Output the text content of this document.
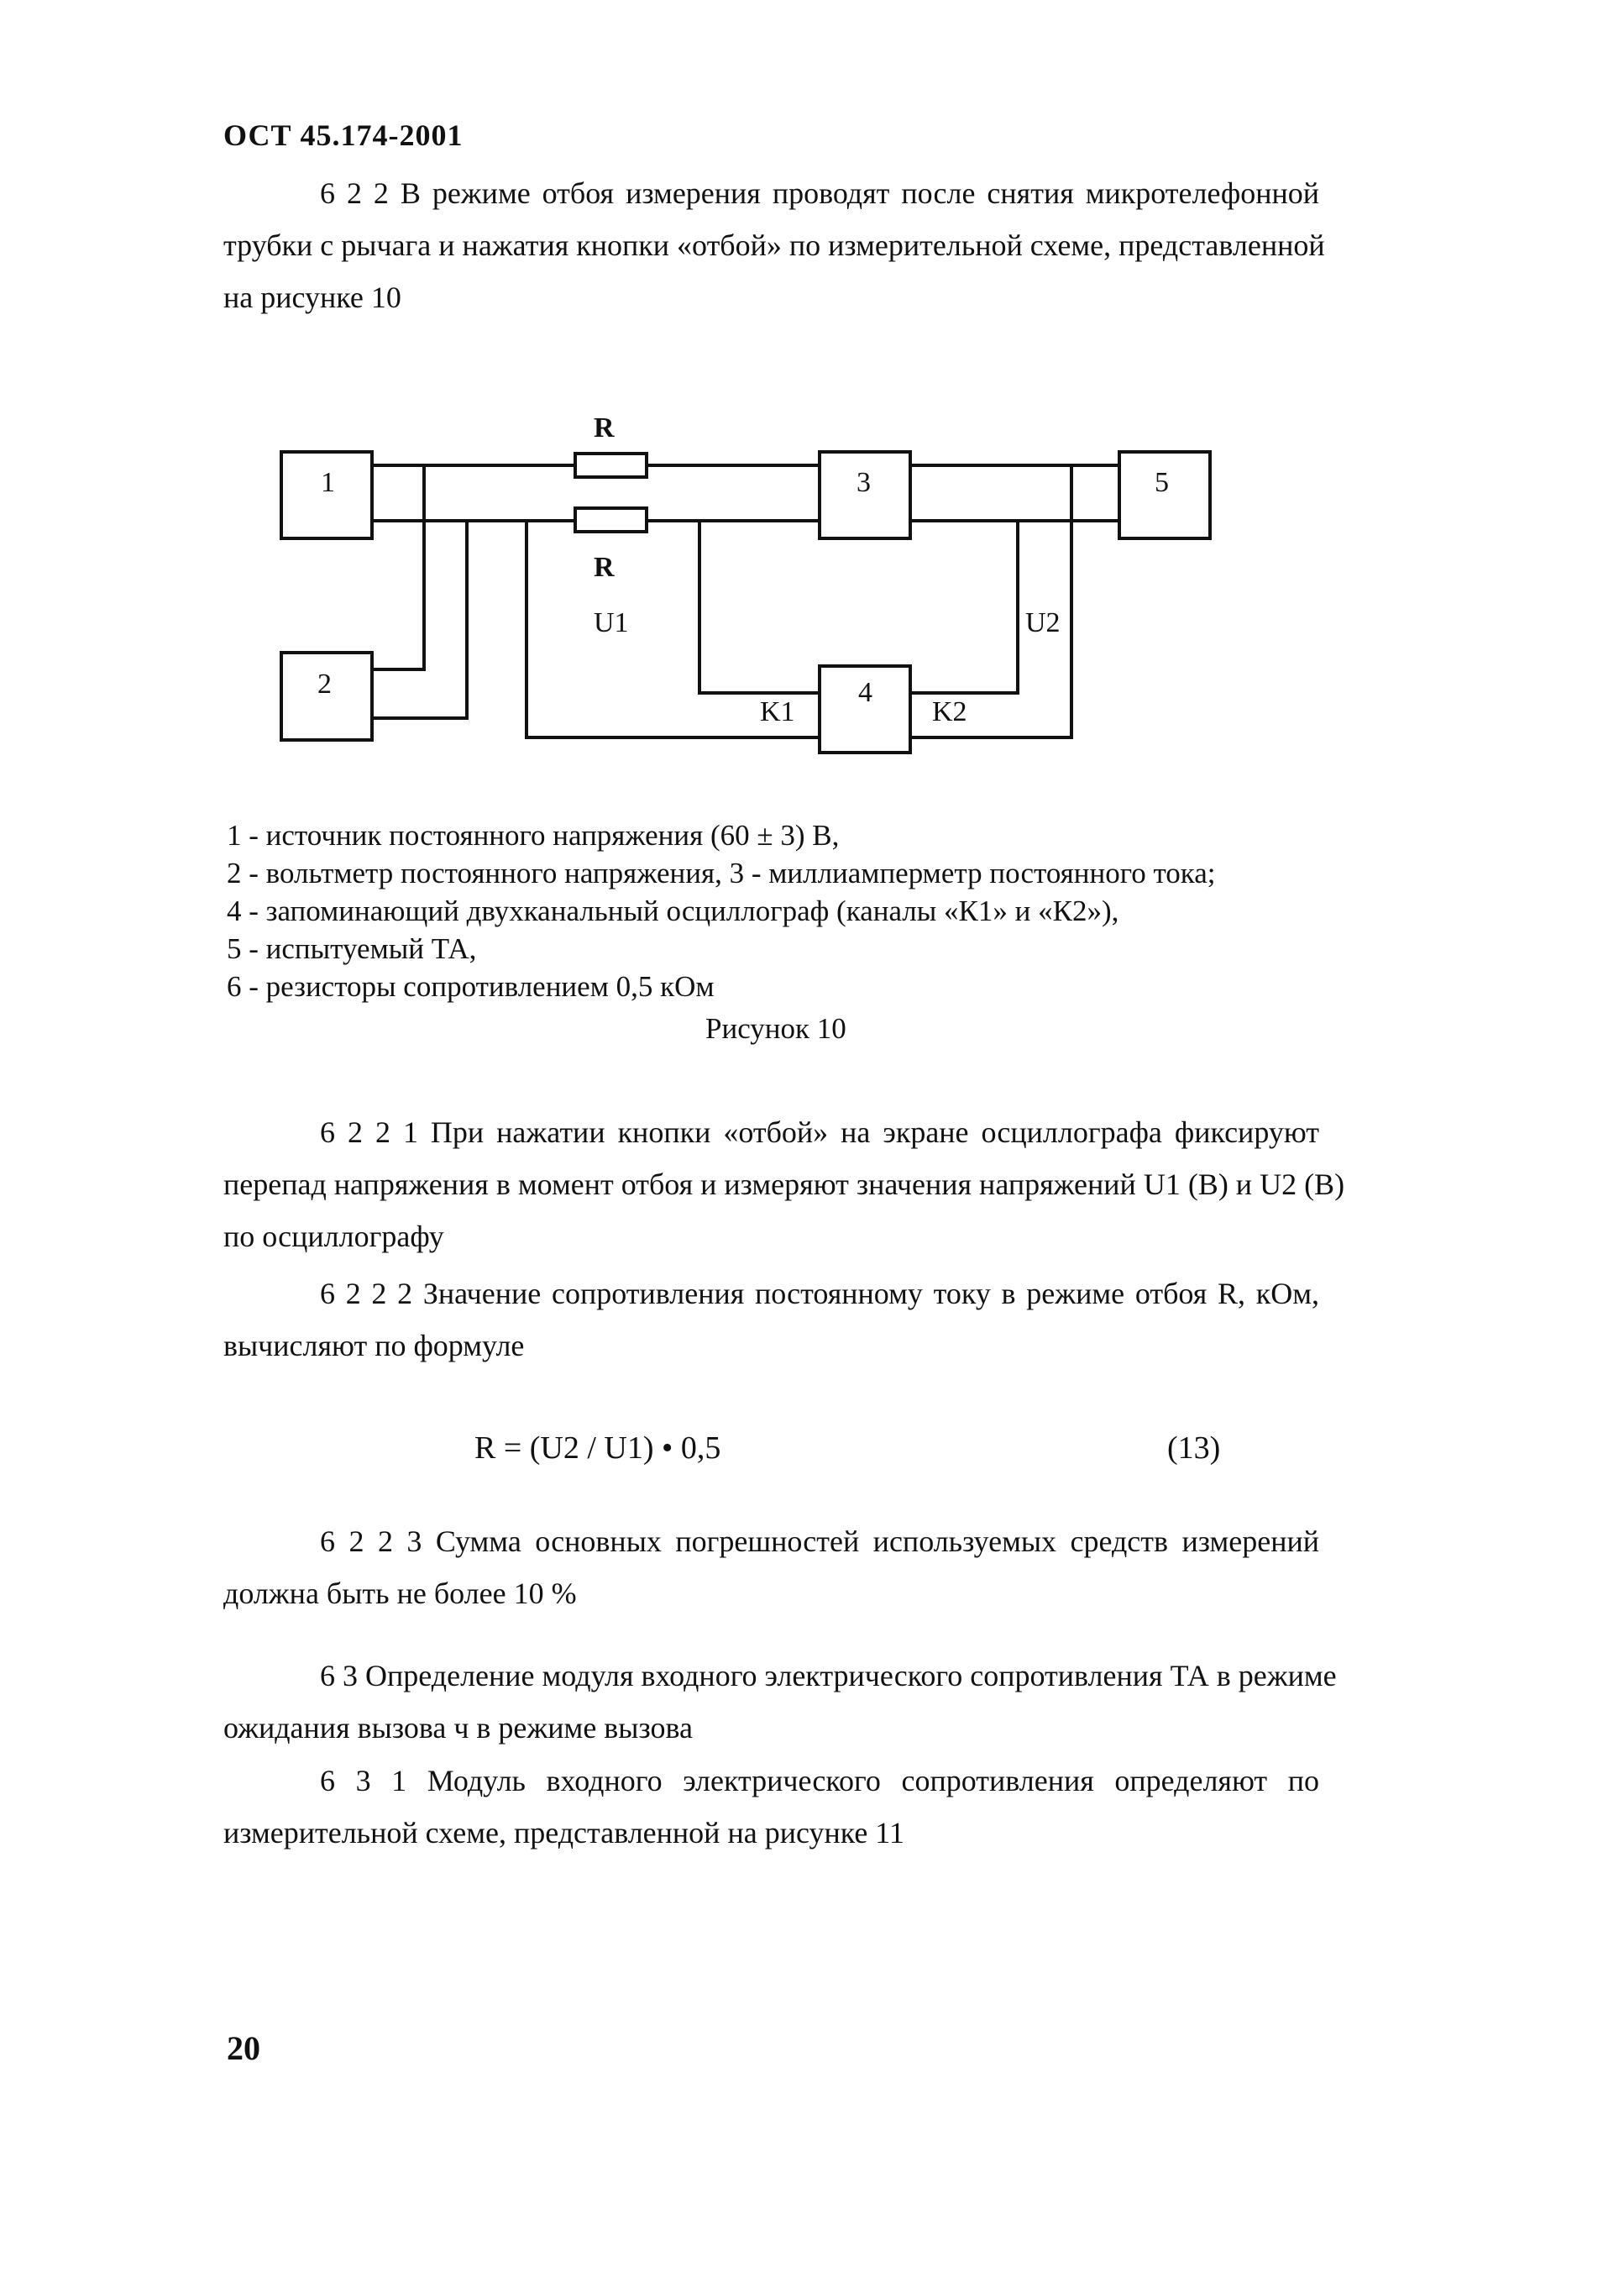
ОСТ 45.174-2001
6 2 2 В режиме отбоя измерения проводят после снятия микротелефонной
трубки с рычага и нажатия кнопки «отбой» по измерительной схеме, представленной
на рисунке 10
1
2
3
4
5
R
R
U1	U2
K1	K2
1 - источник постоянного напряжения (60 ± 3) В,
2 - вольтметр постоянного напряжения, 3 - миллиамперметр постоянного тока;
4 - запоминающий двухканальный осциллограф (каналы «К1» и «К2»),
5 - испытуемый ТА,
6 - резисторы сопротивлением 0,5 кОм
Рисунок 10
6 2 2 1 При нажатии кнопки «отбой» на экране осциллографа фиксируют
перепад напряжения в момент отбоя и измеряют значения напряжений U1 (В) и U2 (В)
по осциллографу
6 2 2 2 Значение сопротивления постоянному току в режиме отбоя R, кОм,
вычисляют по формуле
R = (U2 / U1) • 0,5	(13)
6 2 2 3 Сумма основных погрешностей используемых средств измерений
должна быть не более 10 %
6 3 Определение модуля входного электрического сопротивления ТА в режиме
ожидания вызова ч в режиме вызова
6 3 1 Модуль входного электрического сопротивления определяют по
измерительной схеме, представленной на рисунке 11
20
